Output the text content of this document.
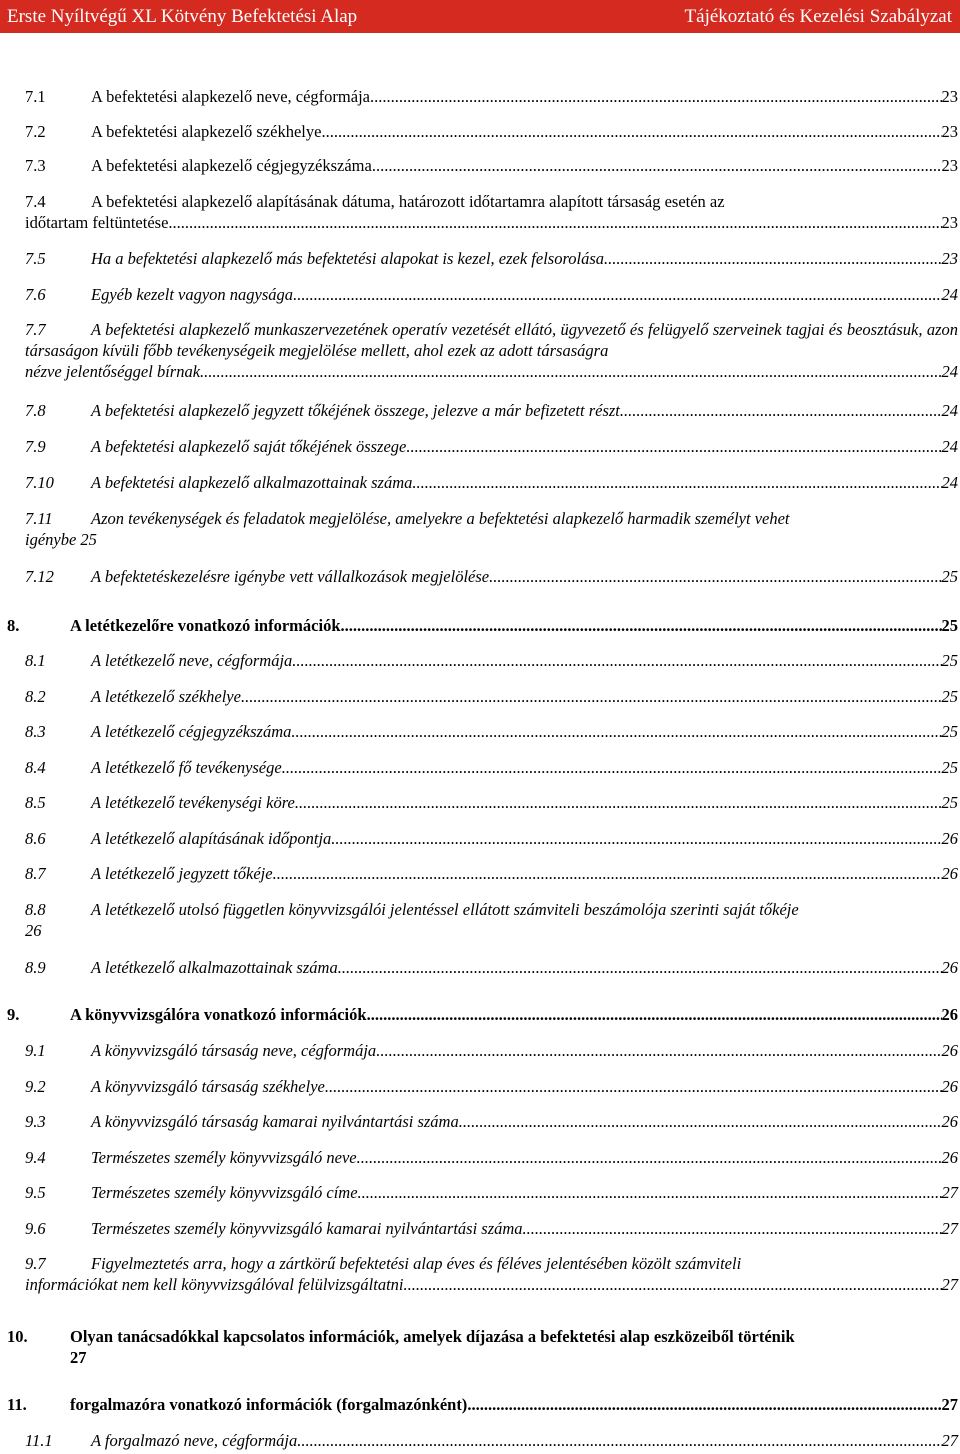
Erste Nyíltvégű XL Kötvény Befektetési Alap	Tájékoztató és Kezelési Szabályzat
7.1	A befektetési alapkezelő neve, cégformája .....	23
7.2	A befektetési alapkezelő székhelye .....	23
7.3	A befektetési alapkezelő cégjegyzékszáma .....	23
7.4	A befektetési alapkezelő alapításának dátuma, határozott időtartamra alapított társaság esetén az
időtartam feltüntetése .....	23
7.5	Ha a befektetési alapkezelő más befektetési alapokat is kezel, ezek felsorolása .....	23
7.6	Egyéb kezelt vagyon nagysága .....	24
7.7	A befektetési alapkezelő munkaszervezetének operatív vezetését ellátó, ügyvezető és felügyelő szerveinek tagjai és beosztásuk, azon társaságon kívüli főbb tevékenységeik megjelölése mellett, ahol ezek az adott társaságra
nézve jelentőséggel bírnak .....	24
7.8	A befektetési alapkezelő jegyzett tőkéjének összege, jelezve a már befizetett részt .....	24
7.9	A befektetési alapkezelő saját tőkéjének összege .....	24
7.10	A befektetési alapkezelő alkalmazottainak száma .....	24
7.11	Azon tevékenységek és feladatok megjelölése, amelyekre a befektetési alapkezelő harmadik személyt vehet
igénybe 25
7.12	A befektetéskezelésre igénybe vett vállalkozások megjelölése .....	25
8.	A letétkezelőre vonatkozó információk .....	25
8.1	A letétkezelő neve, cégformája .....	25
8.2	A letétkezelő székhelye .....	25
8.3	A letétkezelő cégjegyzékszáma .....	25
8.4	A letétkezelő fő tevékenysége .....	25
8.5	A letétkezelő tevékenységi köre .....	25
8.6	A letétkezelő alapításának időpontja .....	26
8.7	A letétkezelő jegyzett tőkéje .....	26
8.8	A letétkezelő utolsó független könyvvizsgálói jelentéssel ellátott számviteli beszámolója szerinti saját tőkéje
26
8.9	A letétkezelő alkalmazottainak száma .....	26
9.	A könyvvizsgálóra vonatkozó információk .....	26
9.1	A könyvvizsgáló társaság neve, cégformája .....	26
9.2	A könyvvizsgáló társaság székhelye .....	26
9.3	A könyvvizsgáló társaság kamarai nyilvántartási száma .....	26
9.4	Természetes személy könyvvizsgáló neve .....	26
9.5	Természetes személy könyvvizsgáló címe .....	27
9.6	Természetes személy könyvvizsgáló kamarai nyilvántartási száma .....	27
9.7	Figyelmeztetés arra, hogy a zártkörű befektetési alap éves és féléves jelentésében közölt számviteli
információkat nem kell könyvvizsgálóval felülvizsgáltatni .....	27
10.	Olyan tanácsadókkal kapcsolatos információk, amelyek díjazása a befektetési alap eszközeiből történik
27
11.	forgalmazóra vonatkozó információk (forgalmazónként) .....	27
11.1	A forgalmazó neve, cégformája .....	27
